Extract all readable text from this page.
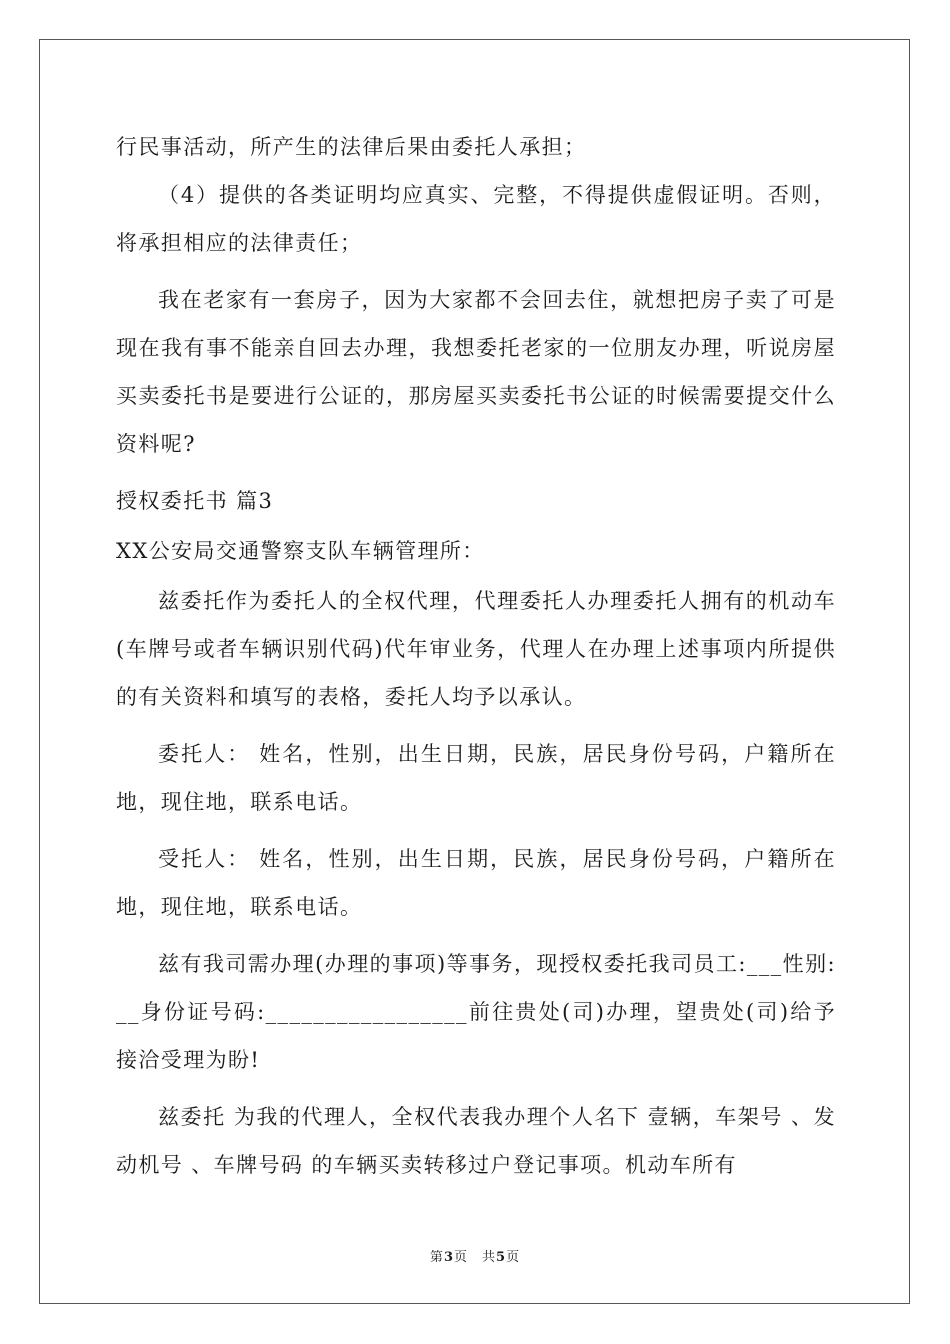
行民事活动，所产生的法律后果由委托人承担；

（4）提供的各类证明均应真实、完整，不得提供虚假证明。否则，将承担相应的法律责任；

我在老家有一套房子，因为大家都不会回去住，就想把房子卖了可是现在我有事不能亲自回去办理，我想委托老家的一位朋友办理，听说房屋买卖委托书是要进行公证的，那房屋买卖委托书公证的时候需要提交什么资料呢?

授权委托书 篇3

XX公安局交通警察支队车辆管理所：

兹委托作为委托人的全权代理，代理委托人办理委托人拥有的机动车 (车牌号或者车辆识别代码)代年审业务，代理人在办理上述事项内所提供的有关资料和填写的表格，委托人均予以承认。

委托人： 姓名，性别，出生日期，民族，居民身份号码，户籍所在地，现住地，联系电话。

受托人： 姓名，性别，出生日期，民族，居民身份号码，户籍所在地，现住地，联系电话。

兹有我司需办理(办理的事项)等事务，现授权委托我司员工:___性别:__身份证号码:_________________前往贵处(司)办理，望贵处(司)给予接洽受理为盼!

兹委托 为我的代理人，全权代表我办理个人名下 壹辆，车架号 、发动机号 、车牌号码 的车辆买卖转移过户登记事项。机动车所有

第3页 共5页
